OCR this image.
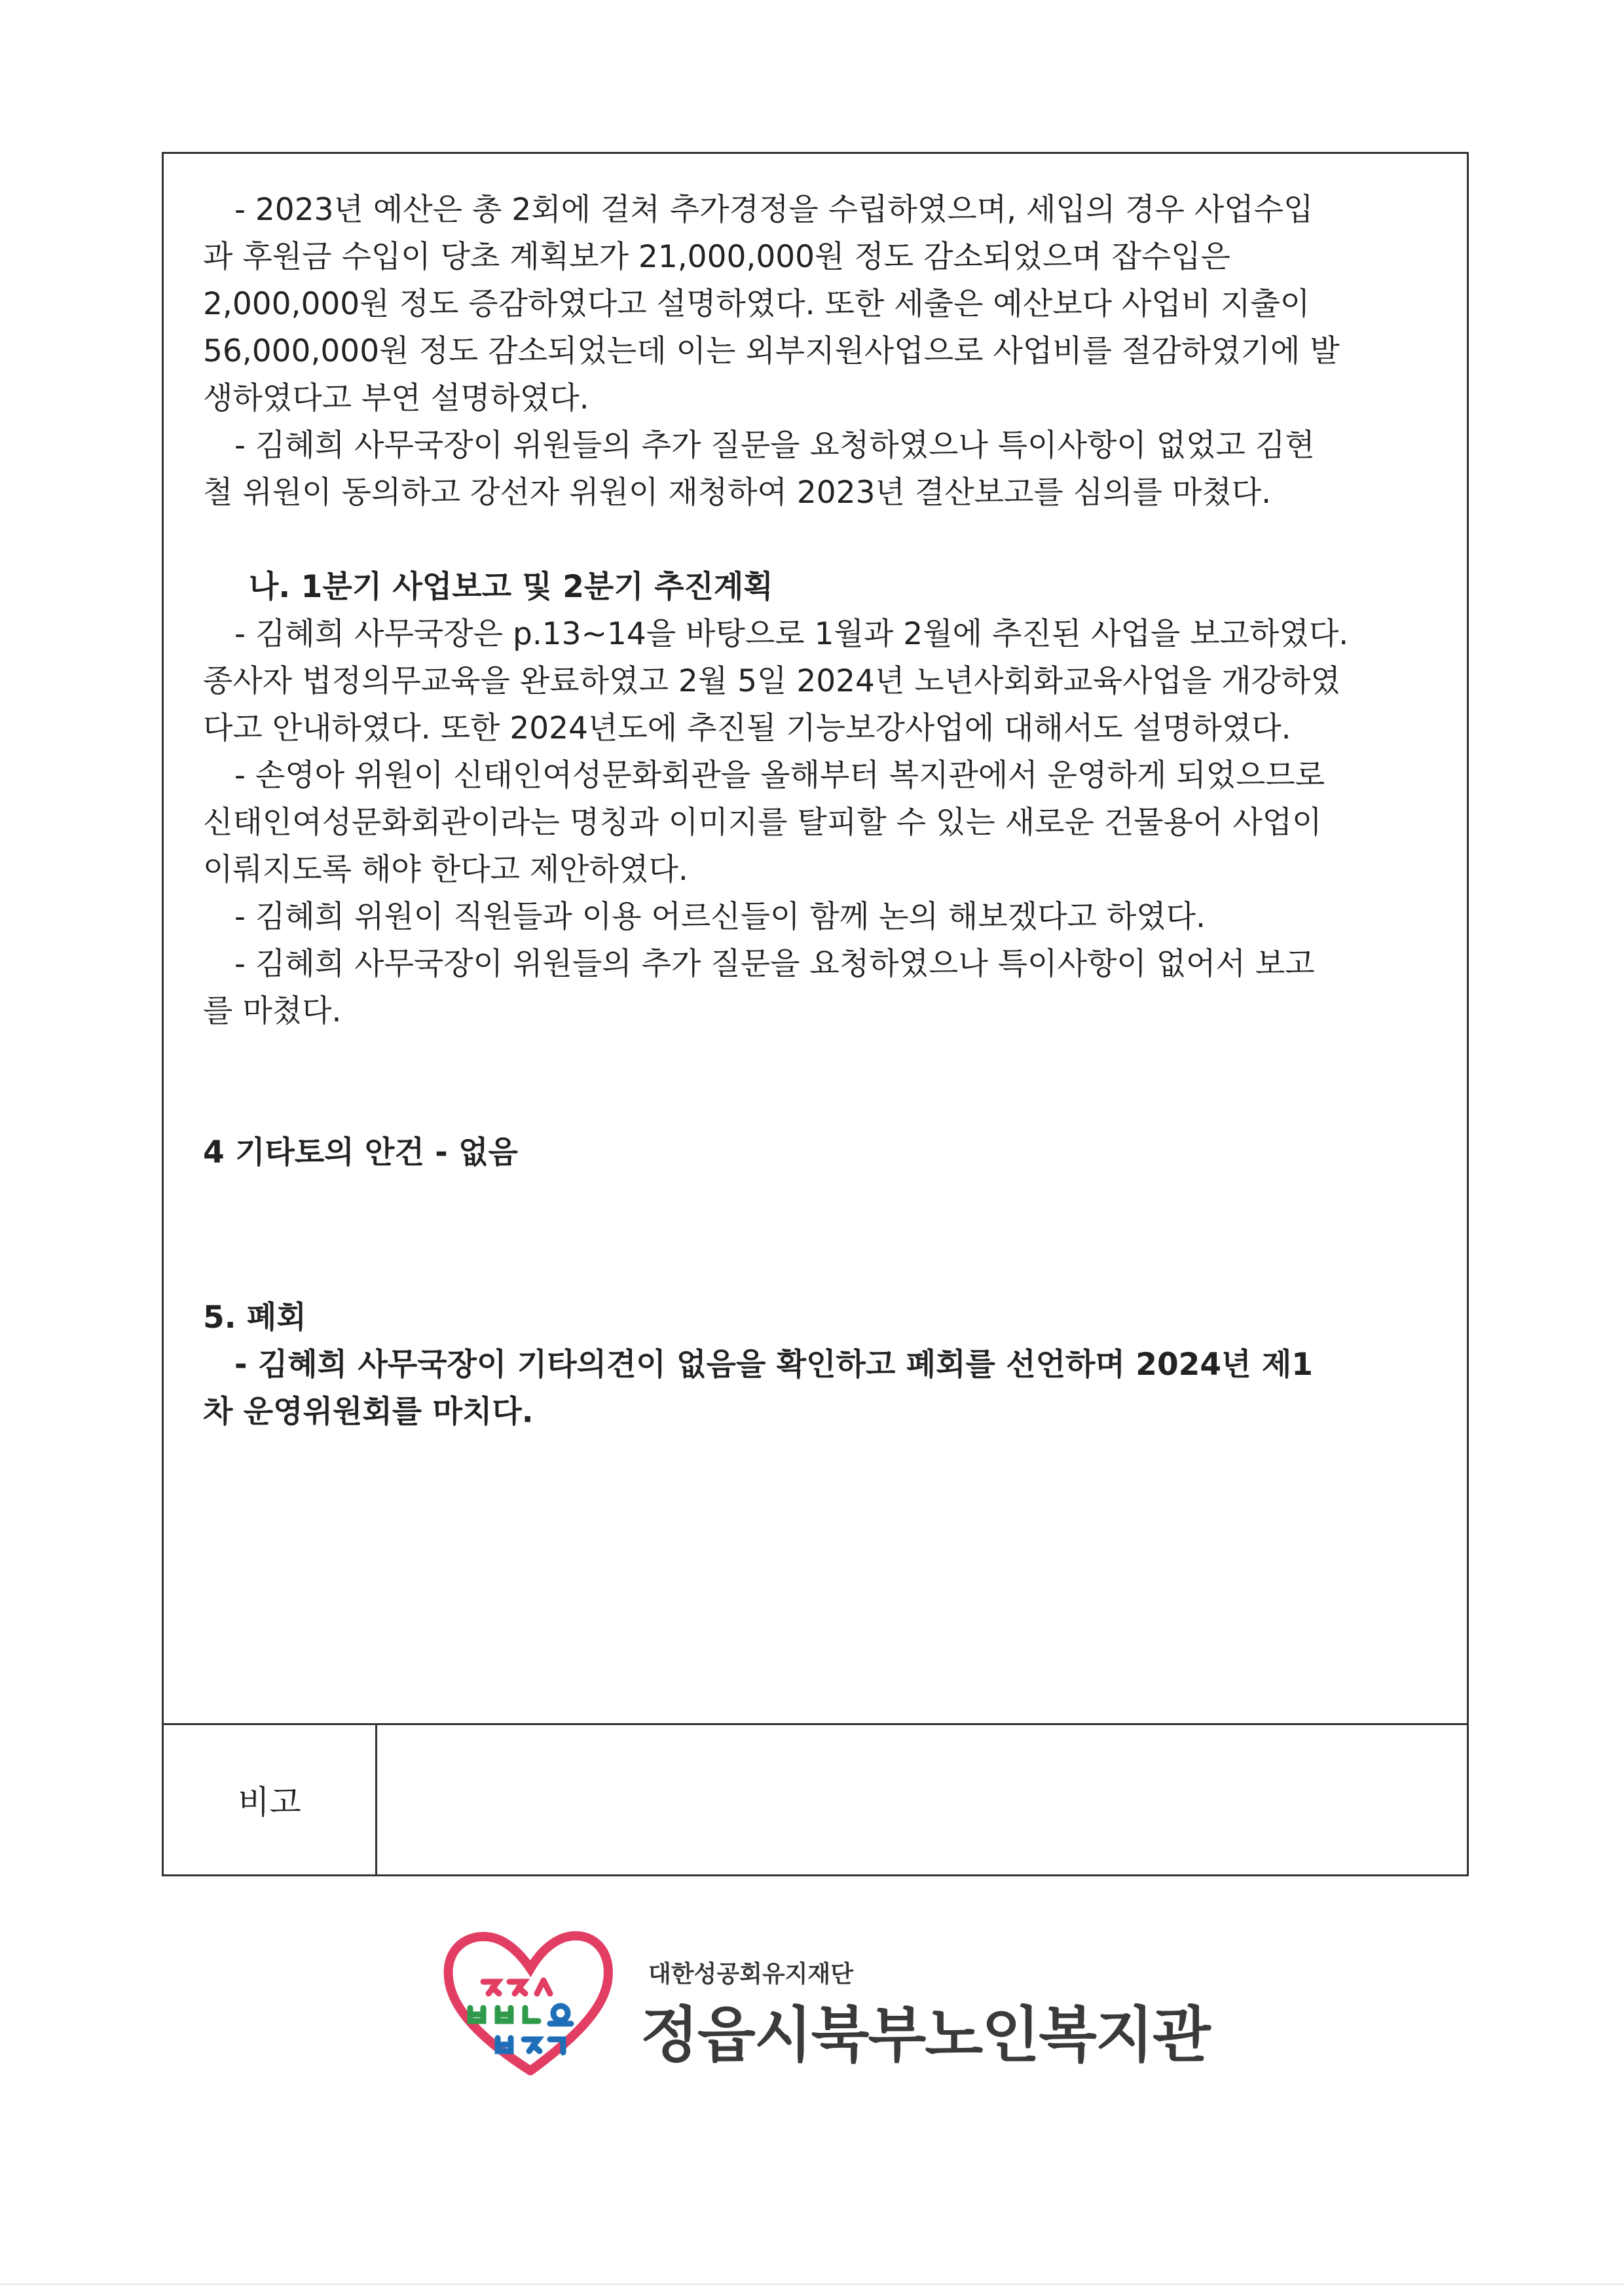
- 2023년 예산은 총 2회에 걸쳐 추가경정을 수립하였으며, 세입의 경우 사업수입

과 후원금 수입이 당초 계획보가 21,000,000원 정도 감소되었으며 잡수입은

2,000,000원 정도 증감하였다고 설명하였다. 또한 세출은 예산보다 사업비 지출이

56,000,000원 정도 감소되었는데 이는 외부지원사업으로 사업비를 절감하였기에 발

생하였다고 부연 설명하였다.

- 김혜희 사무국장이 위원들의 추가 질문을 요청하였으나 특이사항이 없었고 김현

철 위원이 동의하고 강선자 위원이 재청하여 2023년 결산보고를 심의를 마쳤다.

나. 1분기 사업보고 및 2분기 추진계획

- 김혜희 사무국장은 p.13~14을 바탕으로 1월과 2월에 추진된 사업을 보고하였다.

종사자 법정의무교육을 완료하였고 2월 5일 2024년 노년사회화교육사업을 개강하였

다고 안내하였다. 또한 2024년도에 추진될 기능보강사업에 대해서도 설명하였다.

- 손영아 위원이 신태인여성문화회관을 올해부터 복지관에서 운영하게 되었으므로

신태인여성문화회관이라는 명칭과 이미지를 탈피할 수 있는 새로운 건물용어 사업이

이뤄지도록 해야 한다고 제안하였다.

- 김혜희 위원이 직원들과 이용 어르신들이 함께 논의 해보겠다고 하였다.

- 김혜희 사무국장이 위원들의 추가 질문을 요청하였으나 특이사항이 없어서 보고

를 마쳤다.

4 기타토의 안건 - 없음

5. 폐회

- 김혜희 사무국장이 기타의견이 없음을 확인하고 폐회를 선언하며 2024년 제1

차 운영위원회를 마치다.

비고
대한성공회유지재단
정읍시북부노인복지관
